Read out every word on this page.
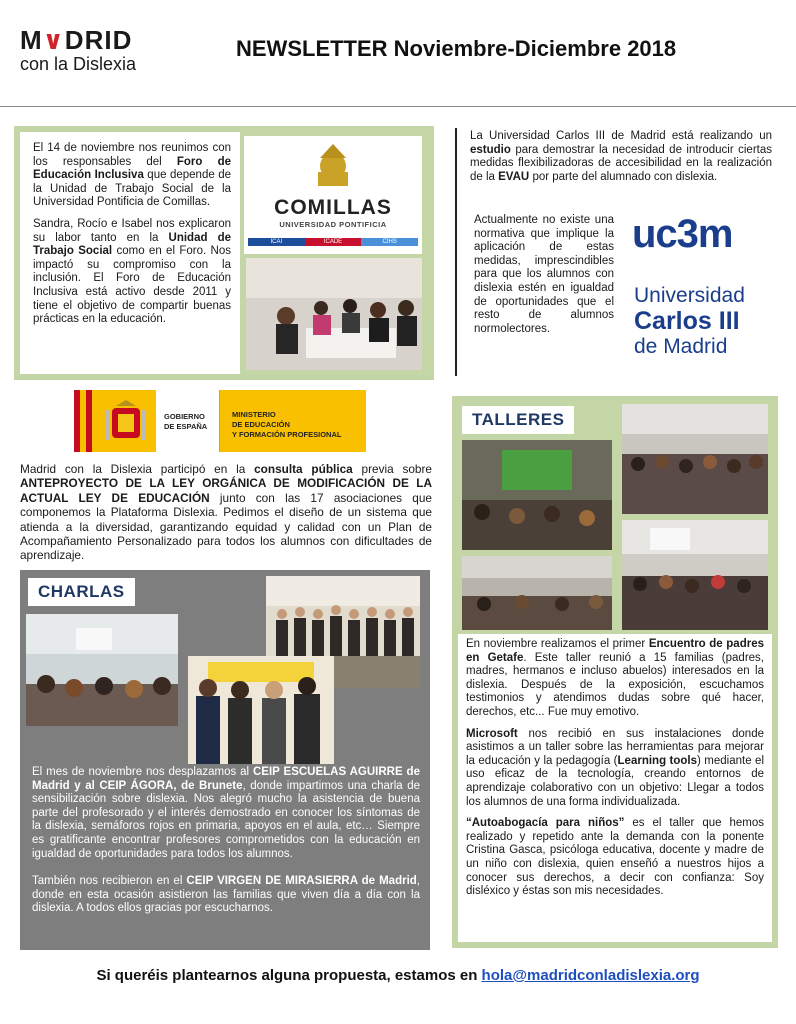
M∨DRID
con la Dislexia
NEWSLETTER Noviembre-Diciembre 2018

El 14 de noviembre nos reunimos con los responsables del Foro de Educación Inclusiva que depende de la Unidad de Trabajo Social de la Universidad Pontificia de Comillas.

Sandra, Rocío e Isabel nos explicaron su labor tanto en la Unidad de Trabajo Social como en el Foro. Nos impactó su compromiso con la inclusión. El Foro de Educación Inclusiva está activo desde 2011 y tiene el objetivo de compartir buenas prácticas en la educación.

COMILLAS
UNIVERSIDAD PONTIFICIA
ICAI	ICADE	CIHS

La Universidad Carlos III de Madrid está realizando un estudio para demostrar la necesidad de introducir ciertas medidas flexibilizadoras de accesibilidad en la realización de la EVAU por parte del alumnado con dislexia.

Actualmente no existe una normativa que implique la aplicación de estas medidas, imprescindibles para que los alumnos con dislexia estén en igualdad de oportunidades que el resto de alumnos normolectores.

uc3m
Universidad
Carlos III
de Madrid
GOBIERNO
DE ESPAÑA
MINISTERIO
DE EDUCACIÓN
Y FORMACIÓN PROFESIONAL

Madrid con la Dislexia participó en la consulta pública previa sobre ANTEPROYECTO DE LA LEY ORGÁNICA DE MODIFICACIÓN DE LA ACTUAL LEY DE EDUCACIÓN junto con las 17 asociaciones que componemos la Plataforma Dislexia. Pedimos el diseño de un sistema que atienda a la diversidad, garantizando equidad y calidad con un Plan de Acompañamiento Personalizado para todos los alumnos con dificultades de aprendizaje.

CHARLAS

El mes de noviembre nos desplazamos al CEIP ESCUELAS AGUIRRE de Madrid y al CEIP ÁGORA, de Brunete, donde impartimos una charla de sensibilización sobre dislexia. Nos alegró mucho la asistencia de buena parte del profesorado y el interés demostrado en conocer los síntomas de la dislexia, semáforos rojos en primaria, apoyos en el aula, etc… Siempre es gratificante encontrar profesores comprometidos con la educación en igualdad de oportunidades para todos los alumnos.

También nos recibieron en el CEIP VIRGEN DE MIRASIERRA de Madrid, donde en esta ocasión asistieron las familias que viven día a día con la dislexia. A todos ellos gracias por escucharnos.

TALLERES

En noviembre realizamos el primer Encuentro de padres en Getafe. Este taller reunió a 15 familias (padres, madres, hermanos e incluso abuelos) interesados en la dislexia. Después de la exposición, escuchamos testimonios y atendimos dudas sobre qué hacer, derechos, etc... Fue muy emotivo.

Microsoft nos recibió en sus instalaciones donde asistimos a un taller sobre las herramientas para mejorar la educación y la pedagogía (Learning tools) mediante el uso eficaz de la tecnología, creando entornos de aprendizaje colaborativo con un objetivo: Llegar a todos los alumnos de una forma individualizada.

“Autoabogacía para niños” es el taller que hemos realizado y repetido ante la demanda con la ponente Cristina Gasca, psicóloga educativa, docente y madre de un niño con dislexia, quien enseñó a nuestros hijos a conocer sus derechos, a decir con confianza: Soy disléxico y éstas son mis necesidades.

Si queréis plantearnos alguna propuesta, estamos en hola@madridconladislexia.org
